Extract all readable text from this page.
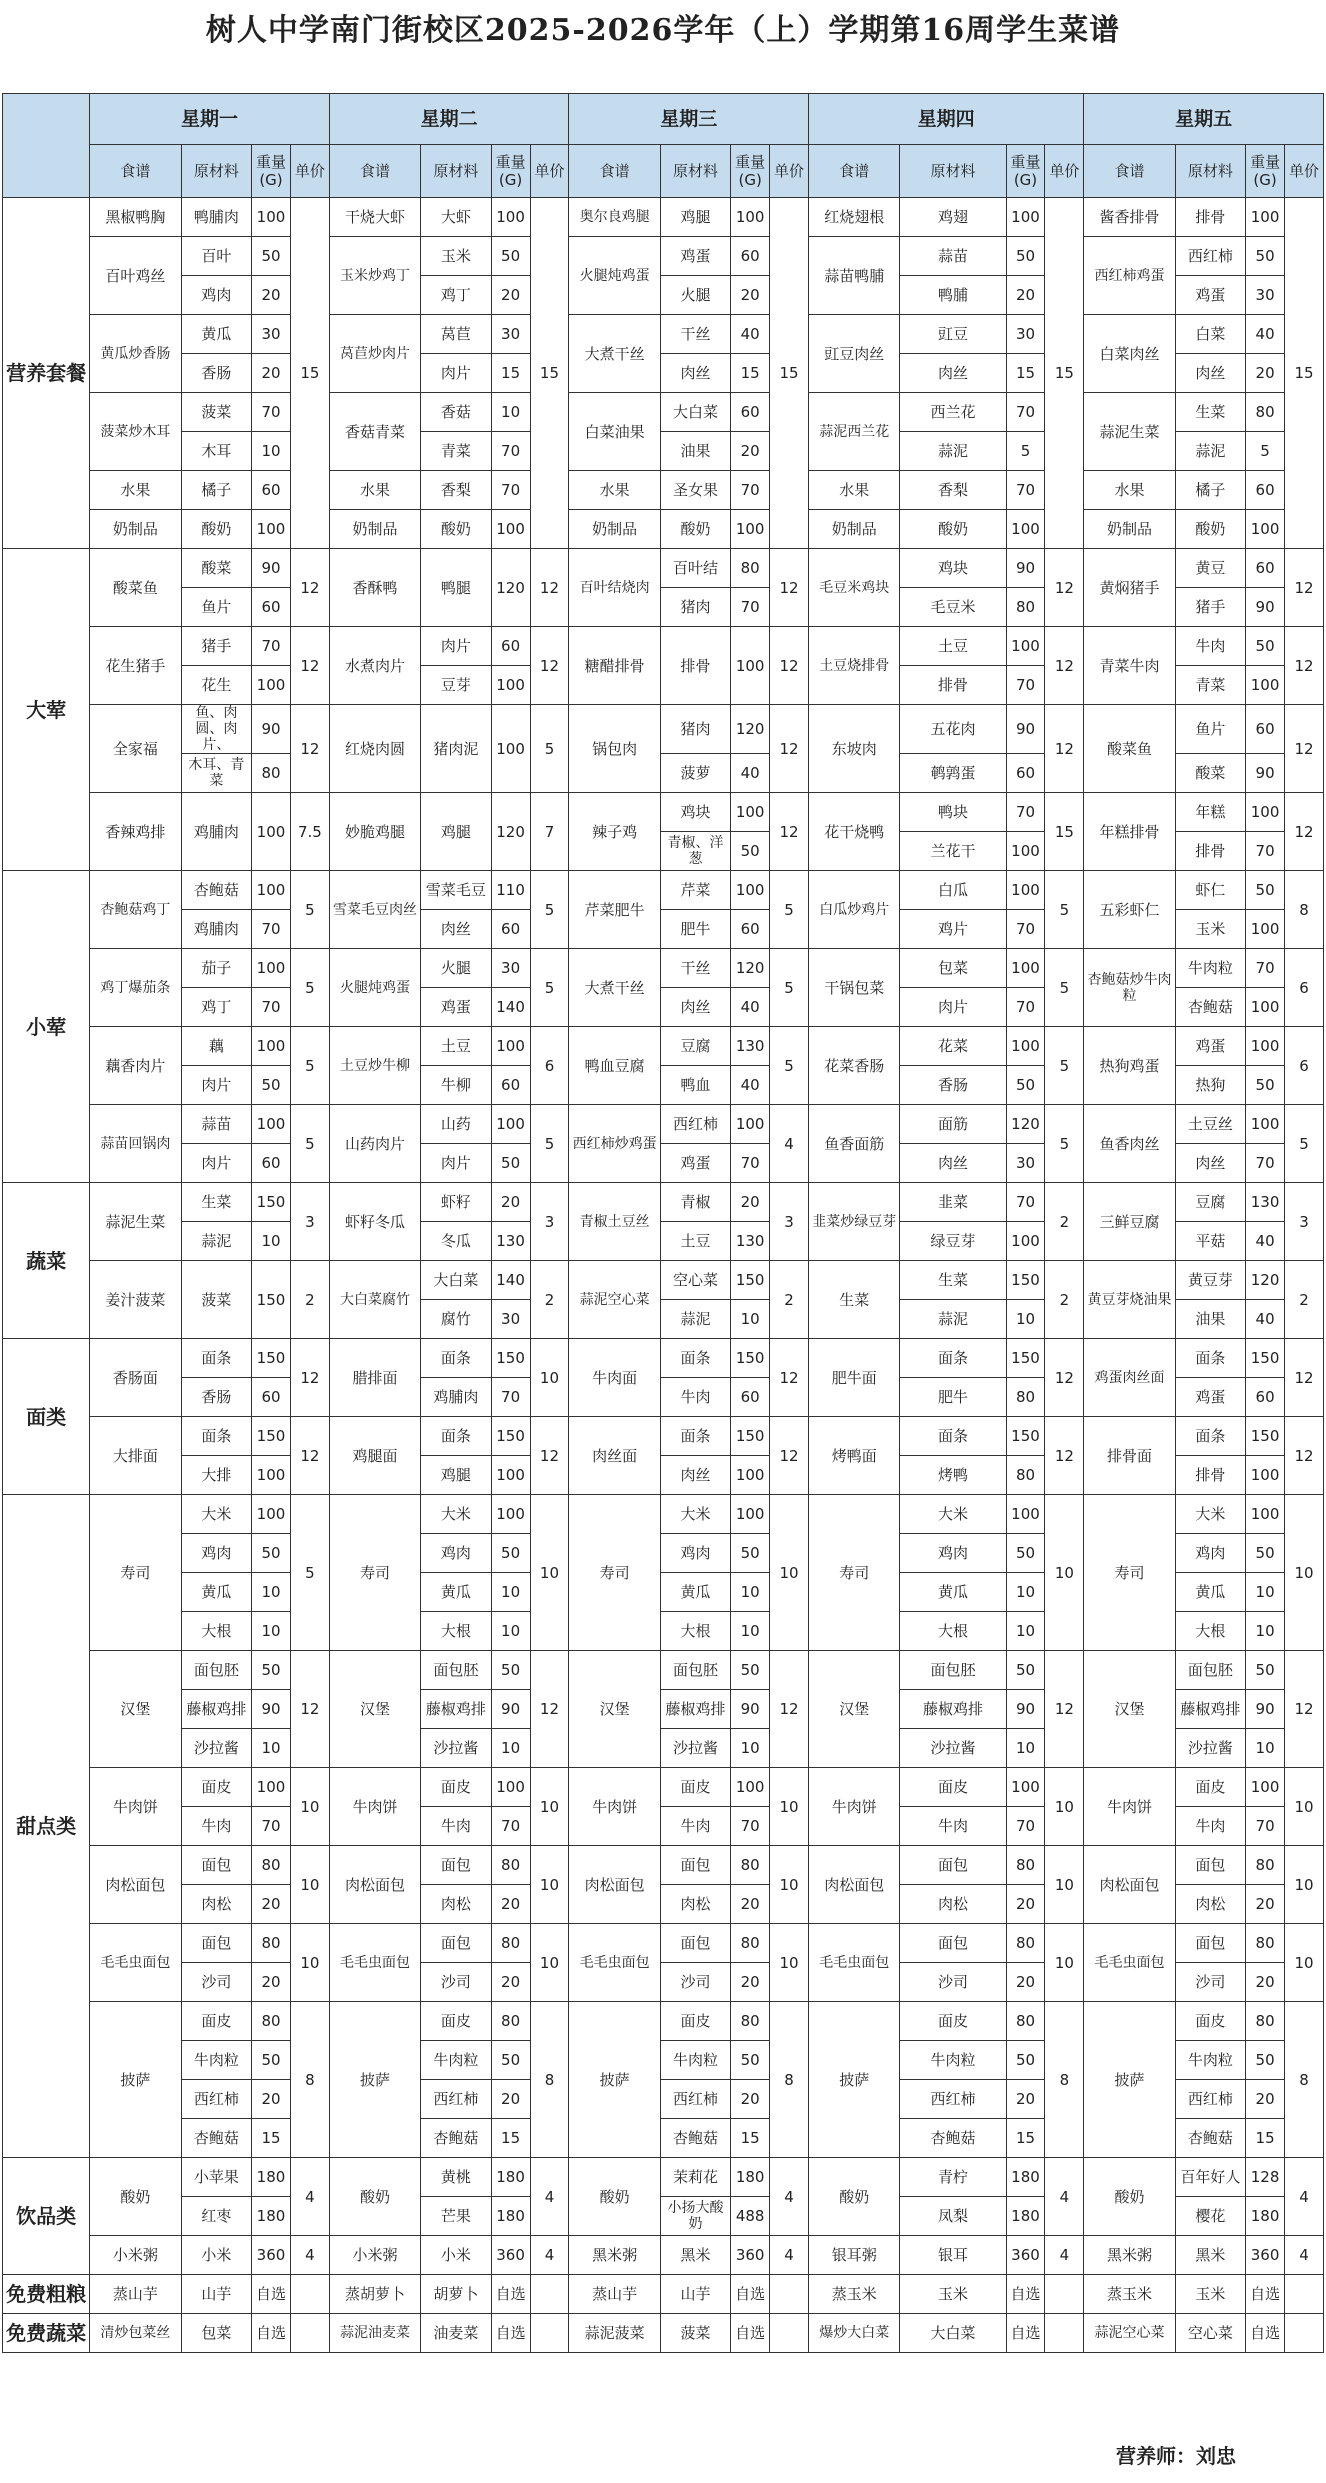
树人中学南门街校区2025-2026学年（上）学期第16周学生菜谱
	星期一				星期二				星期三				星期四				星期五			
	食谱	原材料	重量(G)	单价	食谱	原材料	重量(G)	单价	食谱	原材料	重量(G)	单价	食谱	原材料	重量(G)	单价	食谱	原材料	重量(G)	单价
营养套餐	黑椒鸭胸	鸭脯肉	100	15	干烧大虾	大虾	100	15	奥尔良鸡腿	鸡腿	100	15	红烧翅根	鸡翅	100	15	酱香排骨	排骨	100	15
	百叶鸡丝	百叶	50		玉米炒鸡丁	玉米	50		火腿炖鸡蛋	鸡蛋	60		蒜苗鸭脯	蒜苗	50		西红柿鸡蛋	西红柿	50	
		鸡肉	20			鸡丁	20			火腿	20			鸭脯	20			鸡蛋	30	
	黄瓜炒香肠	黄瓜	30		莴苣炒肉片	莴苣	30		大煮干丝	干丝	40		豇豆肉丝	豇豆	30		白菜肉丝	白菜	40	
		香肠	20			肉片	15			肉丝	15			肉丝	15			肉丝	20	
	菠菜炒木耳	菠菜	70		香菇青菜	香菇	10		白菜油果	大白菜	60		蒜泥西兰花	西兰花	70		蒜泥生菜	生菜	80	
		木耳	10			青菜	70			油果	20			蒜泥	5			蒜泥	5	
	水果	橘子	60		水果	香梨	70		水果	圣女果	70		水果	香梨	70		水果	橘子	60	
	奶制品	酸奶	100		奶制品	酸奶	100		奶制品	酸奶	100		奶制品	酸奶	100		奶制品	酸奶	100	
大荤	酸菜鱼	酸菜	90	12	香酥鸭	鸭腿	120	12	百叶结烧肉	百叶结	80	12	毛豆米鸡块	鸡块	90	12	黄焖猪手	黄豆	60	12
		鱼片	60							猪肉	70			毛豆米	80			猪手	90	
	花生猪手	猪手	70	12	水煮肉片	肉片	60	12	糖醋排骨	排骨	100	12	土豆烧排骨	土豆	100	12	青菜牛肉	牛肉	50	12
		花生	100			豆芽	100							排骨	70			青菜	100	
	全家福	鱼、肉圆、肉片、	90	12	红烧肉圆	猪肉泥	100	5	锅包肉	猪肉	120	12	东坡肉	五花肉	90	12	酸菜鱼	鱼片	60	12
		木耳、青菜	80							菠萝	40			鹌鹑蛋	60			酸菜	90	
	香辣鸡排	鸡脯肉	100	7.5	妙脆鸡腿	鸡腿	120	7	辣子鸡	鸡块	100	12	花干烧鸭	鸭块	70	15	年糕排骨	年糕	100	12
										青椒、洋葱	50			兰花干	100			排骨	70	
小荤	杏鲍菇鸡丁	杏鲍菇	100	5	雪菜毛豆肉丝	雪菜毛豆	110	5	芹菜肥牛	芹菜	100	5	白瓜炒鸡片	白瓜	100	5	五彩虾仁	虾仁	50	8
		鸡脯肉	70			肉丝	60			肥牛	60			鸡片	70			玉米	100	
	鸡丁爆茄条	茄子	100	5	火腿炖鸡蛋	火腿	30	5	大煮干丝	干丝	120	5	干锅包菜	包菜	100	5	杏鲍菇炒牛肉粒	牛肉粒	70	6
		鸡丁	70			鸡蛋	140			肉丝	40			肉片	70			杏鲍菇	100	
	藕香肉片	藕	100	5	土豆炒牛柳	土豆	100	6	鸭血豆腐	豆腐	130	5	花菜香肠	花菜	100	5	热狗鸡蛋	鸡蛋	100	6
		肉片	50			牛柳	60			鸭血	40			香肠	50			热狗	50	
	蒜苗回锅肉	蒜苗	100	5	山药肉片	山药	100	5	西红柿炒鸡蛋	西红柿	100	4	鱼香面筋	面筋	120	5	鱼香肉丝	土豆丝	100	5
		肉片	60			肉片	50			鸡蛋	70			肉丝	30			肉丝	70	
蔬菜	蒜泥生菜	生菜	150	3	虾籽冬瓜	虾籽	20	3	青椒土豆丝	青椒	20	3	韭菜炒绿豆芽	韭菜	70	2	三鲜豆腐	豆腐	130	3
		蒜泥	10			冬瓜	130			土豆	130			绿豆芽	100			平菇	40	
	姜汁菠菜	菠菜	150	2	大白菜腐竹	大白菜	140	2	蒜泥空心菜	空心菜	150	2	生菜	生菜	150	2	黄豆芽烧油果	黄豆芽	120	2
						腐竹	30			蒜泥	10			蒜泥	10			油果	40	
面类	香肠面	面条	150	12	腊排面	面条	150	10	牛肉面	面条	150	12	肥牛面	面条	150	12	鸡蛋肉丝面	面条	150	12
		香肠	60			鸡脯肉	70			牛肉	60			肥牛	80			鸡蛋	60	
	大排面	面条	150	12	鸡腿面	面条	150	12	肉丝面	面条	150	12	烤鸭面	面条	150	12	排骨面	面条	150	12
		大排	100			鸡腿	100			肉丝	100			烤鸭	80			排骨	100	
甜点类	寿司	大米	100	5	寿司	大米	100	10	寿司	大米	100	10	寿司	大米	100	10	寿司	大米	100	10
		鸡肉	50			鸡肉	50			鸡肉	50			鸡肉	50			鸡肉	50	
		黄瓜	10			黄瓜	10			黄瓜	10			黄瓜	10			黄瓜	10	
		大根	10			大根	10			大根	10			大根	10			大根	10	
	汉堡	面包胚	50	12	汉堡	面包胚	50	12	汉堡	面包胚	50	12	汉堡	面包胚	50	12	汉堡	面包胚	50	12
		藤椒鸡排	90			藤椒鸡排	90			藤椒鸡排	90			藤椒鸡排	90			藤椒鸡排	90	
		沙拉酱	10			沙拉酱	10			沙拉酱	10			沙拉酱	10			沙拉酱	10	
	牛肉饼	面皮	100	10	牛肉饼	面皮	100	10	牛肉饼	面皮	100	10	牛肉饼	面皮	100	10	牛肉饼	面皮	100	10
		牛肉	70			牛肉	70			牛肉	70			牛肉	70			牛肉	70	
	肉松面包	面包	80	10	肉松面包	面包	80	10	肉松面包	面包	80	10	肉松面包	面包	80	10	肉松面包	面包	80	10
		肉松	20			肉松	20			肉松	20			肉松	20			肉松	20	
	毛毛虫面包	面包	80	10	毛毛虫面包	面包	80	10	毛毛虫面包	面包	80	10	毛毛虫面包	面包	80	10	毛毛虫面包	面包	80	10
		沙司	20			沙司	20			沙司	20			沙司	20			沙司	20	
	披萨	面皮	80	8	披萨	面皮	80	8	披萨	面皮	80	8	披萨	面皮	80	8	披萨	面皮	80	8
		牛肉粒	50			牛肉粒	50			牛肉粒	50			牛肉粒	50			牛肉粒	50	
		西红柿	20			西红柿	20			西红柿	20			西红柿	20			西红柿	20	
		杏鲍菇	15			杏鲍菇	15			杏鲍菇	15			杏鲍菇	15			杏鲍菇	15	
饮品类	酸奶	小苹果	180	4	酸奶	黄桃	180	4	酸奶	茉莉花	180	4	酸奶	青柠	180	4	酸奶	百年好人	128	4
		红枣	180			芒果	180			小扬大酸奶	488			凤梨	180			樱花	180	
	小米粥	小米	360	4	小米粥	小米	360	4	黑米粥	黑米	360	4	银耳粥	银耳	360	4	黑米粥	黑米	360	4
免费粗粮	蒸山芋	山芋	自选		蒸胡萝卜	胡萝卜	自选		蒸山芋	山芋	自选		蒸玉米	玉米	自选		蒸玉米	玉米	自选	
免费蔬菜	清炒包菜丝	包菜	自选		蒜泥油麦菜	油麦菜	自选		蒜泥菠菜	菠菜	自选		爆炒大白菜	大白菜	自选		蒜泥空心菜	空心菜	自选	
营养师：刘忠
